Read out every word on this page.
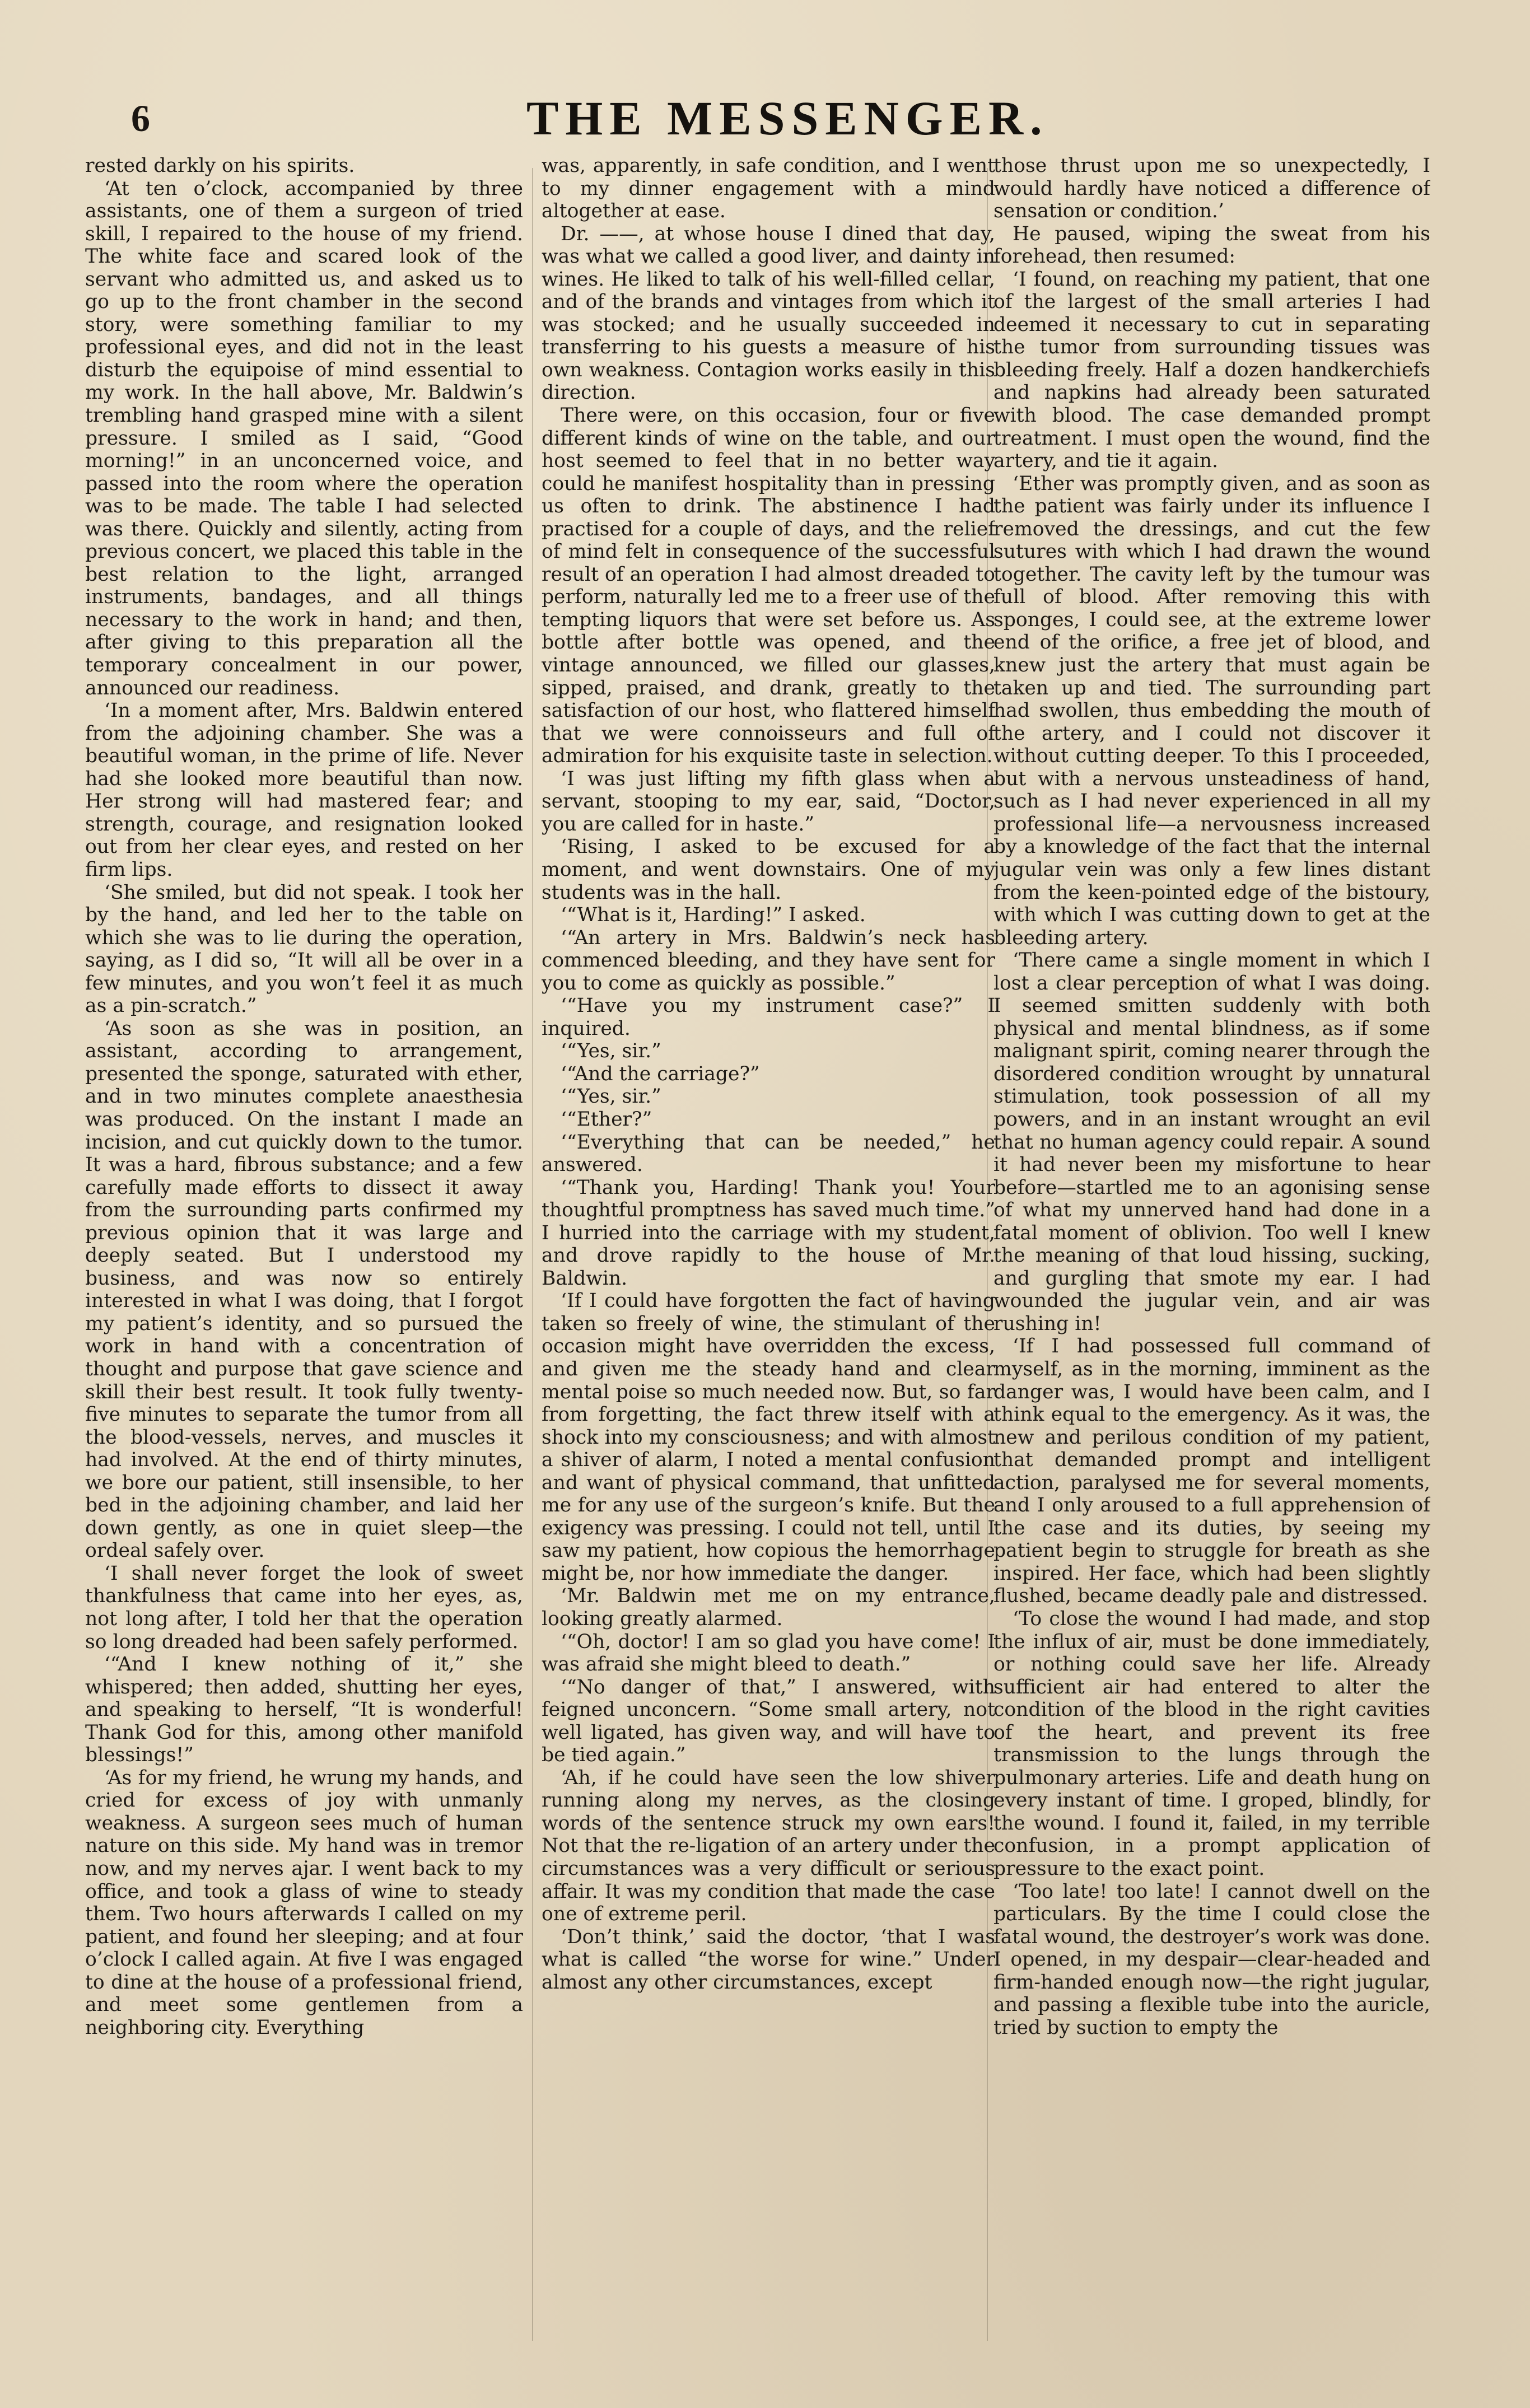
6	THE MESSENGER.

rested darkly on his spirits.

‘At ten o’clock, accompanied by three assistants, one of them a surgeon of tried skill, I repaired to the house of my friend. The white face and scared look of the servant who admitted us, and asked us to go up to the front chamber in the second story, were something familiar to my professional eyes, and did not in the least disturb the equipoise of mind essential to my work. In the hall above, Mr. Baldwin’s trembling hand grasped mine with a silent pressure. I smiled as I said, “Good morning!” in an unconcerned voice, and passed into the room where the operation was to be made. The table I had selected was there. Quickly and silently, acting from previous concert, we placed this table in the best relation to the light, arranged instruments, bandages, and all things necessary to the work in hand; and then, after giving to this preparation all the temporary concealment in our power, announced our readiness.

‘In a moment after, Mrs. Baldwin entered from the adjoining chamber. She was a beautiful woman, in the prime of life. Never had she looked more beautiful than now. Her strong will had mastered fear; and strength, courage, and resignation looked out from her clear eyes, and rested on her firm lips.

‘She smiled, but did not speak. I took her by the hand, and led her to the table on which she was to lie during the operation, saying, as I did so, “It will all be over in a few minutes, and you won’t feel it as much as a pin-scratch.”

‘As soon as she was in position, an assistant, according to arrangement, presented the sponge, saturated with ether, and in two minutes complete anaesthesia was produced. On the instant I made an incision, and cut quickly down to the tumor. It was a hard, fibrous substance; and a few carefully made efforts to dissect it away from the surrounding parts confirmed my previous opinion that it was large and deeply seated. But I understood my business, and was now so entirely interested in what I was doing, that I forgot my patient’s identity, and so pursued the work in hand with a concentration of thought and purpose that gave science and skill their best result. It took fully twenty-five minutes to separate the tumor from all the blood-vessels, nerves, and muscles it had involved. At the end of thirty minutes, we bore our patient, still insensible, to her bed in the adjoining chamber, and laid her down gently, as one in quiet sleep—the ordeal safely over.

‘I shall never forget the look of sweet thankfulness that came into her eyes, as, not long after, I told her that the operation so long dreaded had been safely performed.

‘“And I knew nothing of it,” she whispered; then added, shutting her eyes, and speaking to herself, “It is wonderful! Thank God for this, among other manifold blessings!”

‘As for my friend, he wrung my hands, and cried for excess of joy with unmanly weakness. A surgeon sees much of human nature on this side. My hand was in tremor now, and my nerves ajar. I went back to my office, and took a glass of wine to steady them. Two hours afterwards I called on my patient, and found her sleeping; and at four o’clock I called again. At five I was engaged to dine at the house of a professional friend, and meet some gentlemen from a neighboring city. Everything

was, apparently, in safe condition, and I went to my dinner engagement with a mind altogether at ease.

Dr. ——, at whose house I dined that day, was what we called a good liver, and dainty in wines. He liked to talk of his well-filled cellar, and of the brands and vintages from which it was stocked; and he usually succeeded in transferring to his guests a measure of his own weakness. Contagion works easily in this direction.

There were, on this occasion, four or five different kinds of wine on the table, and our host seemed to feel that in no better way could he manifest hospitality than in pressing us often to drink. The abstinence I had practised for a couple of days, and the relief of mind felt in consequence of the successful result of an operation I had almost dreaded to perform, naturally led me to a freer use of the tempting liquors that were set before us. As bottle after bottle was opened, and the vintage announced, we filled our glasses, sipped, praised, and drank, greatly to the satisfaction of our host, who flattered himself that we were connoisseurs and full of admiration for his exquisite taste in selection.

‘I was just lifting my fifth glass when a servant, stooping to my ear, said, “Doctor, you are called for in haste.”

‘Rising, I asked to be excused for a moment, and went downstairs. One of my students was in the hall.

‘“What is it, Harding!” I asked.

‘“An artery in Mrs. Baldwin’s neck has commenced bleeding, and they have sent for you to come as quickly as possible.”

‘“Have you my instrument case?” I inquired.

‘“Yes, sir.”

‘“And the carriage?”

‘“Yes, sir.”

‘“Ether?”

‘“Everything that can be needed,” he answered.

‘“Thank you, Harding! Thank you! Your thoughtful promptness has saved much time.” I hurried into the carriage with my student, and drove rapidly to the house of Mr. Baldwin.

‘If I could have forgotten the fact of having taken so freely of wine, the stimulant of the occasion might have overridden the excess, and given me the steady hand and clear mental poise so much needed now. But, so far from forgetting, the fact threw itself with a shock into my consciousness; and with almost a shiver of alarm, I noted a mental confusion and want of physical command, that unfitted me for any use of the surgeon’s knife. But the exigency was pressing. I could not tell, until I saw my patient, how copious the hemorrhage might be, nor how immediate the danger.

‘Mr. Baldwin met me on my entrance, looking greatly alarmed.

‘“Oh, doctor! I am so glad you have come! I was afraid she might bleed to death.”

‘“No danger of that,” I answered, with feigned unconcern. “Some small artery, not well ligated, has given way, and will have to be tied again.”

‘Ah, if he could have seen the low shiver running along my nerves, as the closing words of the sentence struck my own ears! Not that the re-ligation of an artery under the circumstances was a very difficult or serious affair. It was my condition that made the case one of extreme peril.

‘Don’t think,’ said the doctor, ‘that I was what is called “the worse for wine.” Under almost any other circumstances, except

those thrust upon me so unexpectedly, I would hardly have noticed a difference of sensation or condition.’

He paused, wiping the sweat from his forehead, then resumed:

‘I found, on reaching my patient, that one of the largest of the small arteries I had deemed it necessary to cut in separating the tumor from surrounding tissues was bleeding freely. Half a dozen handkerchiefs and napkins had already been saturated with blood. The case demanded prompt treatment. I must open the wound, find the artery, and tie it again.

‘Ether was promptly given, and as soon as the patient was fairly under its influence I removed the dressings, and cut the few sutures with which I had drawn the wound together. The cavity left by the tumour was full of blood. After removing this with sponges, I could see, at the extreme lower end of the orifice, a free jet of blood, and knew just the artery that must again be taken up and tied. The surrounding part had swollen, thus embedding the mouth of the artery, and I could not discover it without cutting deeper. To this I proceeded, but with a nervous unsteadiness of hand, such as I had never experienced in all my professional life—a nervousness increased by a knowledge of the fact that the internal jugular vein was only a few lines distant from the keen-pointed edge of the bistoury, with which I was cutting down to get at the bleeding artery.

‘There came a single moment in which I lost a clear perception of what I was doing. I seemed smitten suddenly with both physical and mental blindness, as if some malignant spirit, coming nearer through the disordered condition wrought by unnatural stimulation, took possession of all my powers, and in an instant wrought an evil that no human agency could repair. A sound it had never been my misfortune to hear before—startled me to an agonising sense of what my unnerved hand had done in a fatal moment of oblivion. Too well I knew the meaning of that loud hissing, sucking, and gurgling that smote my ear. I had wounded the jugular vein, and air was rushing in!

‘If I had possessed full command of myself, as in the morning, imminent as the danger was, I would have been calm, and I think equal to the emergency. As it was, the new and perilous condition of my patient, that demanded prompt and intelligent action, paralysed me for several moments, and I only aroused to a full apprehension of the case and its duties, by seeing my patient begin to struggle for breath as she inspired. Her face, which had been slightly flushed, became deadly pale and distressed.

‘To close the wound I had made, and stop the influx of air, must be done immediately, or nothing could save her life. Already sufficient air had entered to alter the condition of the blood in the right cavities of the heart, and prevent its free transmission to the lungs through the pulmonary arteries. Life and death hung on every instant of time. I groped, blindly, for the wound. I found it, failed, in my terrible confusion, in a prompt application of pressure to the exact point.

‘Too late! too late! I cannot dwell on the particulars. By the time I could close the fatal wound, the destroyer’s work was done. I opened, in my despair—clear-headed and firm-handed enough now—the right jugular, and passing a flexible tube into the auricle, tried by suction to empty the
